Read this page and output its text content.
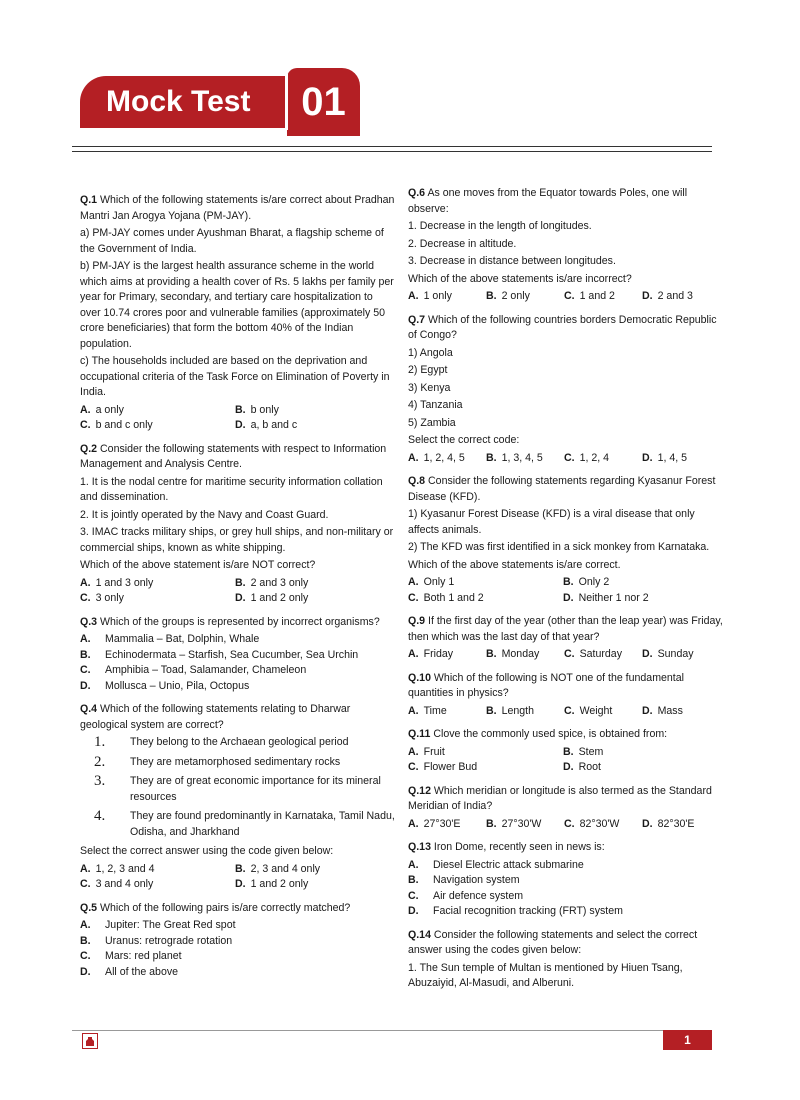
Mock Test	01

Q.1 Which of the following statements is/are correct about Pradhan Mantri Jan Arogya Yojana (PM-JAY).

a) PM-JAY comes under Ayushman Bharat, a flagship scheme of the Government of India.

b) PM-JAY is the largest health assurance scheme in the world which aims at providing a health cover of Rs. 5 lakhs per family per year for Primary, secondary, and tertiary care hospitalization to over 10.74 crores poor and vulnerable families (approximately 50 crore beneficiaries) that form the bottom 40% of the Indian population.

c) The households included are based on the deprivation and occupational criteria of the Task Force on Elimination of Poverty in India.

A. a only	B. b only
C. b and c only	D. a, b and c

Q.2 Consider the following statements with respect to Information Management and Analysis Centre.

1. It is the nodal centre for maritime security information collation and dissemination.

2. It is jointly operated by the Navy and Coast Guard.

3. IMAC tracks military ships, or grey hull ships, and non-military or commercial ships, known as white shipping.

Which of the above statement is/are NOT correct?

A. 1 and 3 only	B. 2 and 3 only
C. 3 only	D. 1 and 2 only

Q.3 Which of the groups is represented by incorrect organisms?

A.	Mammalia – Bat, Dolphin, Whale
B.	Echinodermata – Starfish, Sea Cucumber, Sea Urchin
C.	Amphibia – Toad, Salamander, Chameleon
D.	Mollusca – Unio, Pila, Octopus

Q.4 Which of the following statements relating to Dharwar geological system are correct?

1.	They belong to the Archaean geological period
2.	They are metamorphosed sedimentary rocks
3.	They are of great economic importance for its mineral resources
4.	They are found predominantly in Karnataka, Tamil Nadu, Odisha, and Jharkhand

Select the correct answer using the code given below:

A. 1, 2, 3 and 4	B. 2, 3 and 4 only
C. 3 and 4 only	D. 1 and 2 only

Q.5 Which of the following pairs is/are correctly matched?

A.	Jupiter: The Great Red spot
B.	Uranus: retrograde rotation
C.	Mars: red planet
D.	All of the above

Q.6 As one moves from the Equator towards Poles, one will observe:

1. Decrease in the length of longitudes.

2. Decrease in altitude.

3. Decrease in distance between longitudes.

Which of the above statements is/are incorrect?

A. 1 only	B. 2 only	C. 1 and 2	D. 2 and 3

Q.7 Which of the following countries borders Democratic Republic of Congo?

1) Angola

2) Egypt

3) Kenya

4) Tanzania

5) Zambia

Select the correct code:

A. 1, 2, 4, 5	B. 1, 3, 4, 5	C. 1, 2, 4	D. 1, 4, 5

Q.8 Consider the following statements regarding Kyasanur Forest Disease (KFD).

1) Kyasanur Forest Disease (KFD) is a viral disease that only affects animals.

2) The KFD was first identified in a sick monkey from Karnataka.

Which of the above statements is/are correct.

A. Only 1	B. Only 2
C. Both 1 and 2	D. Neither 1 nor 2

Q.9 If the first day of the year (other than the leap year) was Friday, then which was the last day of that year?

A. Friday	B. Monday	C. Saturday	D. Sunday

Q.10 Which of the following is NOT one of the fundamental quantities in physics?

A. Time	B. Length	C. Weight	D. Mass

Q.11 Clove the commonly used spice, is obtained from:

A. Fruit	B. Stem
C. Flower Bud	D. Root

Q.12 Which meridian or longitude is also termed as the Standard Meridian of India?

A. 27°30'E	B. 27°30'W	C. 82°30'W	D. 82°30'E

Q.13 Iron Dome, recently seen in news is:

A.	Diesel Electric attack submarine
B.	Navigation system
C.	Air defence system
D.	Facial recognition tracking (FRT) system

Q.14 Consider the following statements and select the correct answer using the codes given below:

1. The Sun temple of Multan is mentioned by Hiuen Tsang, Abuzaiyid, Al-Masudi, and Alberuni.

1
